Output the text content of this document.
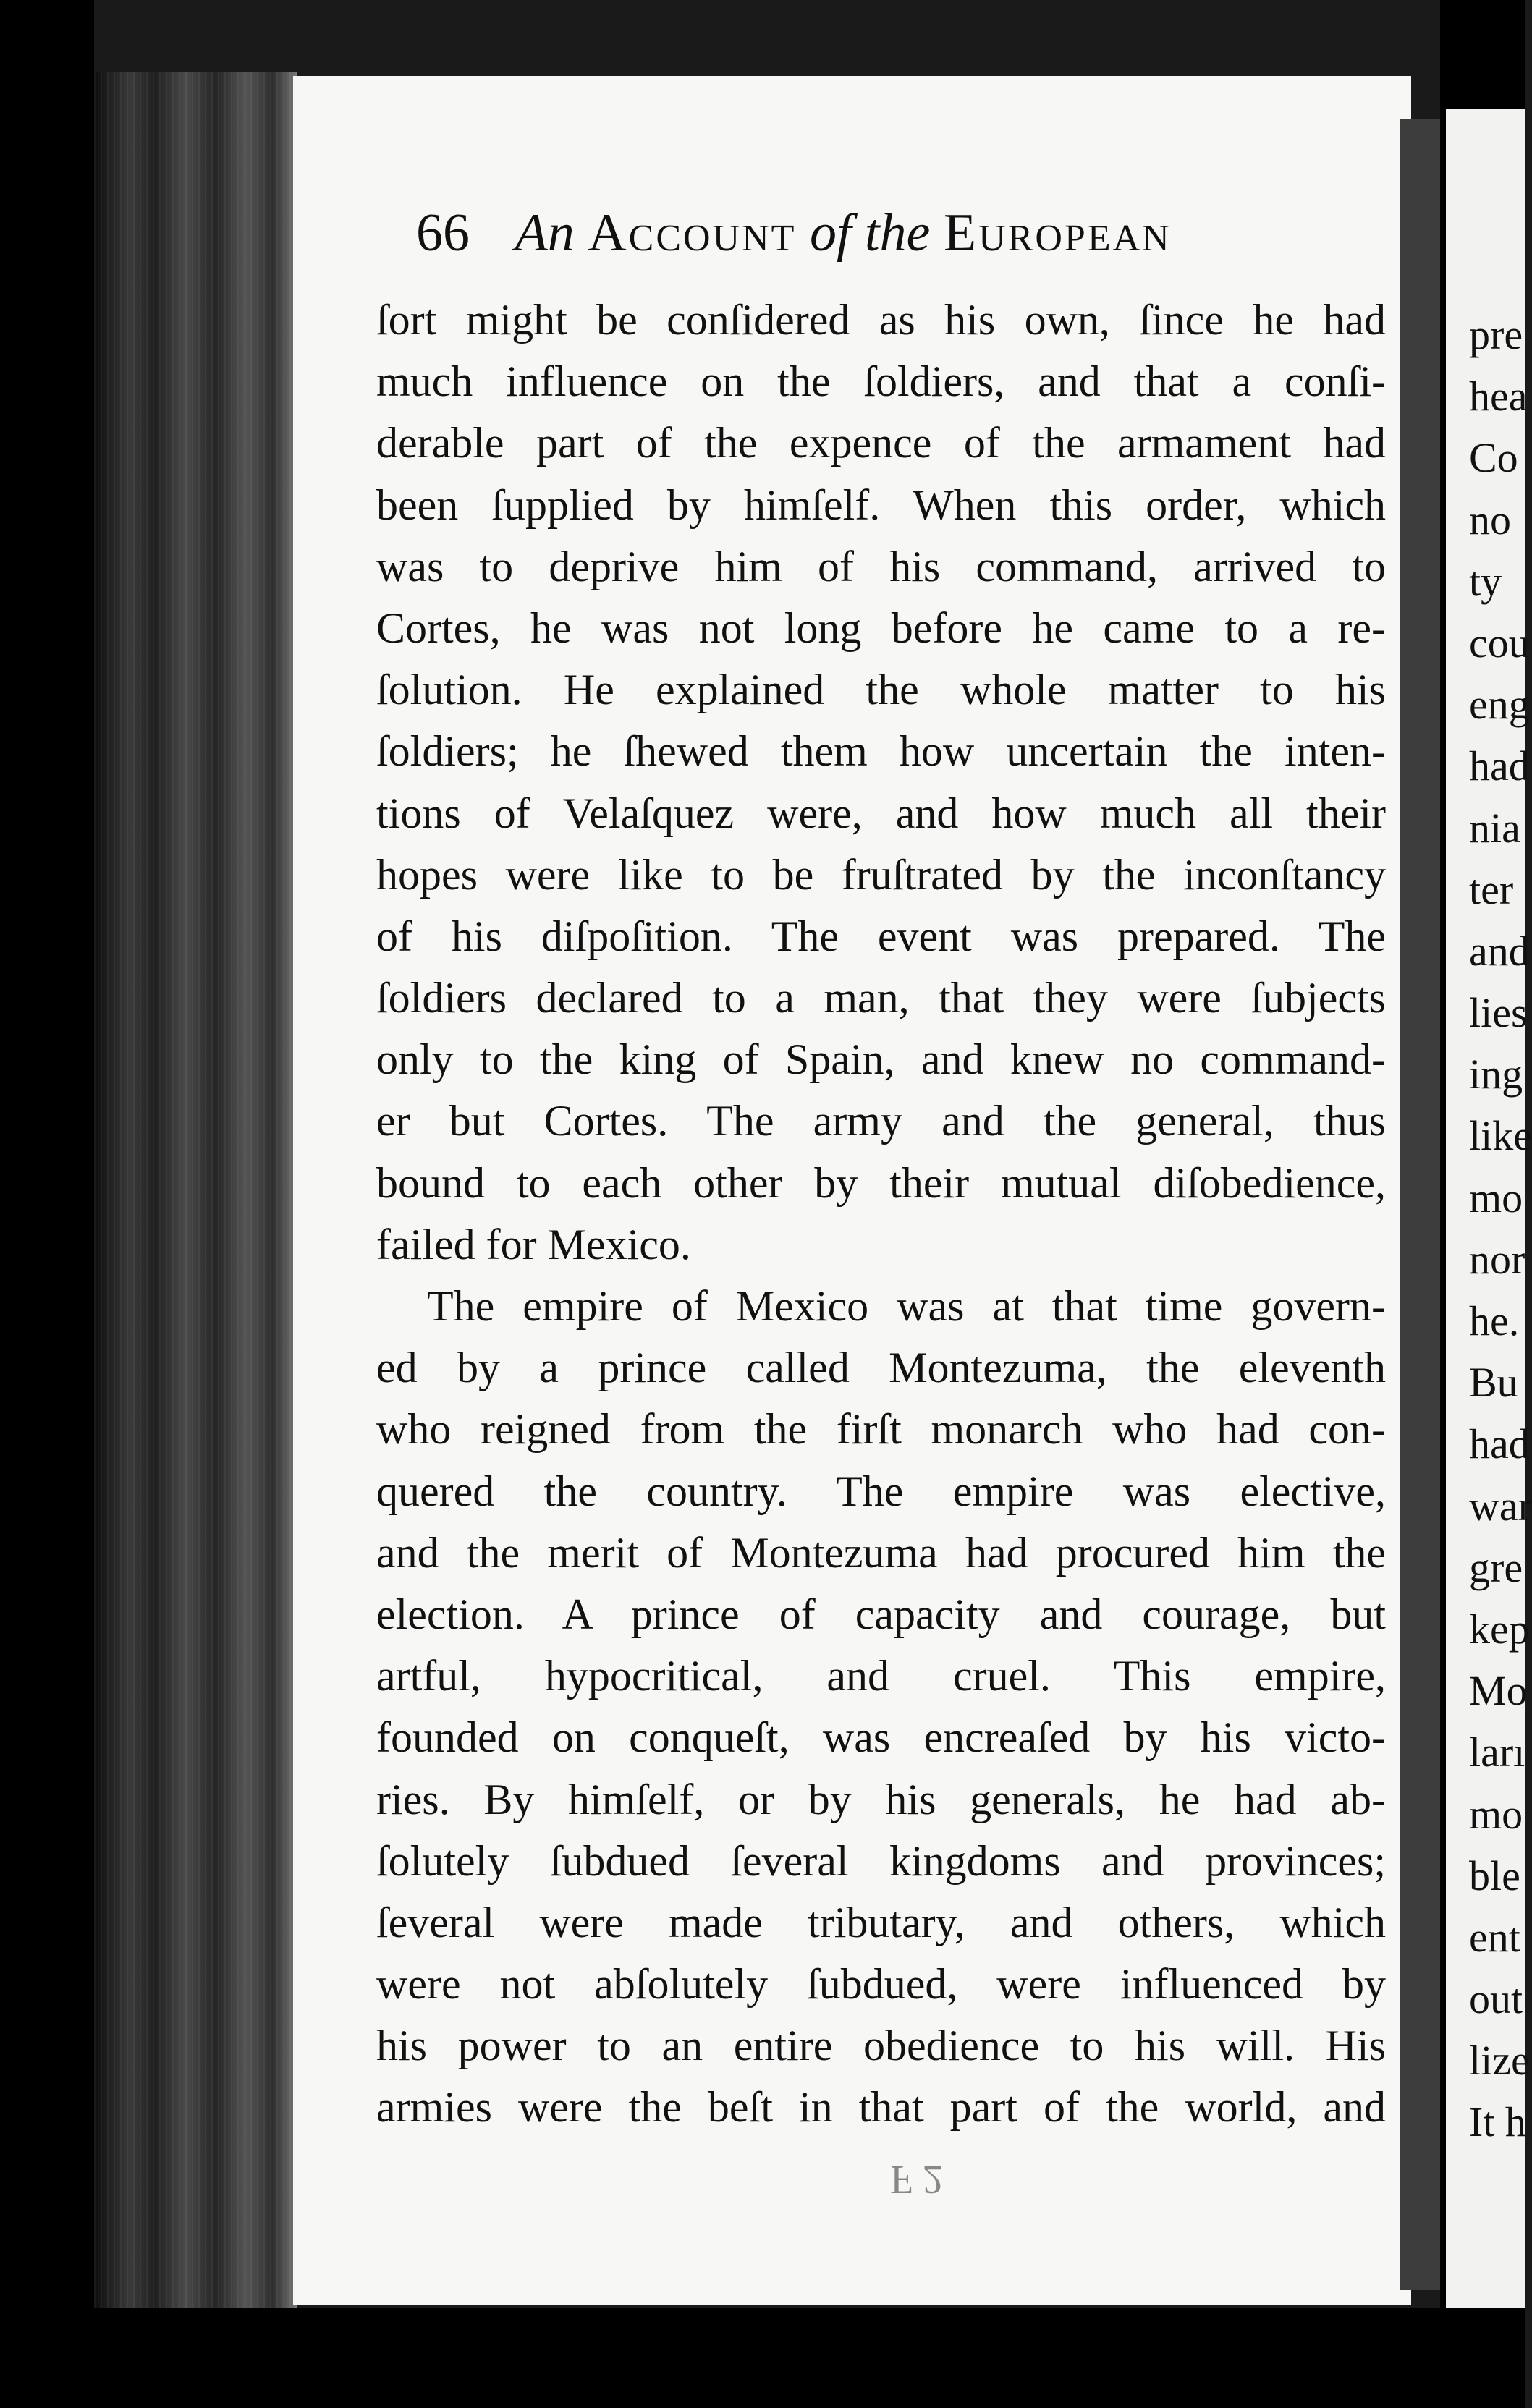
pre
hea
Co
no
ty
cou
eng
had
nia
ter
and
lies
ing
like
mo
nor
he.
Bu
had
war
gre
kep
Mo
ları
mo
ble
ent
out
lize
It h
66 An Account of the European
ſort might be conſidered as his own, ſince he had
much influence on the ſoldiers, and that a conſi-
derable part of the expence of the armament had
been ſupplied by himſelf. When this order, which
was to deprive him of his command, arrived to
Cortes, he was not long before he came to a re-
ſolution. He explained the whole matter to his
ſoldiers; he ſhewed them how uncertain the inten-
tions of Velaſquez were, and how much all their
hopes were like to be fruſtrated by the inconſtancy
of his diſpoſition. The event was prepared. The
ſoldiers declared to a man, that they were ſubjects
only to the king of Spain, and knew no command-
er but Cortes. The army and the general, thus
bound to each other by their mutual diſobedience,
failed for Mexico.
The empire of Mexico was at that time govern-
ed by a prince called Montezuma, the eleventh
who reigned from the firſt monarch who had con-
quered the country. The empire was elective,
and the merit of Montezuma had procured him the
election. A prince of capacity and courage, but
artful, hypocritical, and cruel. This empire,
founded on conqueſt, was encreaſed by his victo-
ries. By himſelf, or by his generals, he had ab-
ſolutely ſubdued ſeveral kingdoms and provinces;
ſeveral were made tributary, and others, which
were not abſolutely ſubdued, were influenced by
his power to an entire obedience to his will. His
armies were the beſt in that part of the world, and
F 2
